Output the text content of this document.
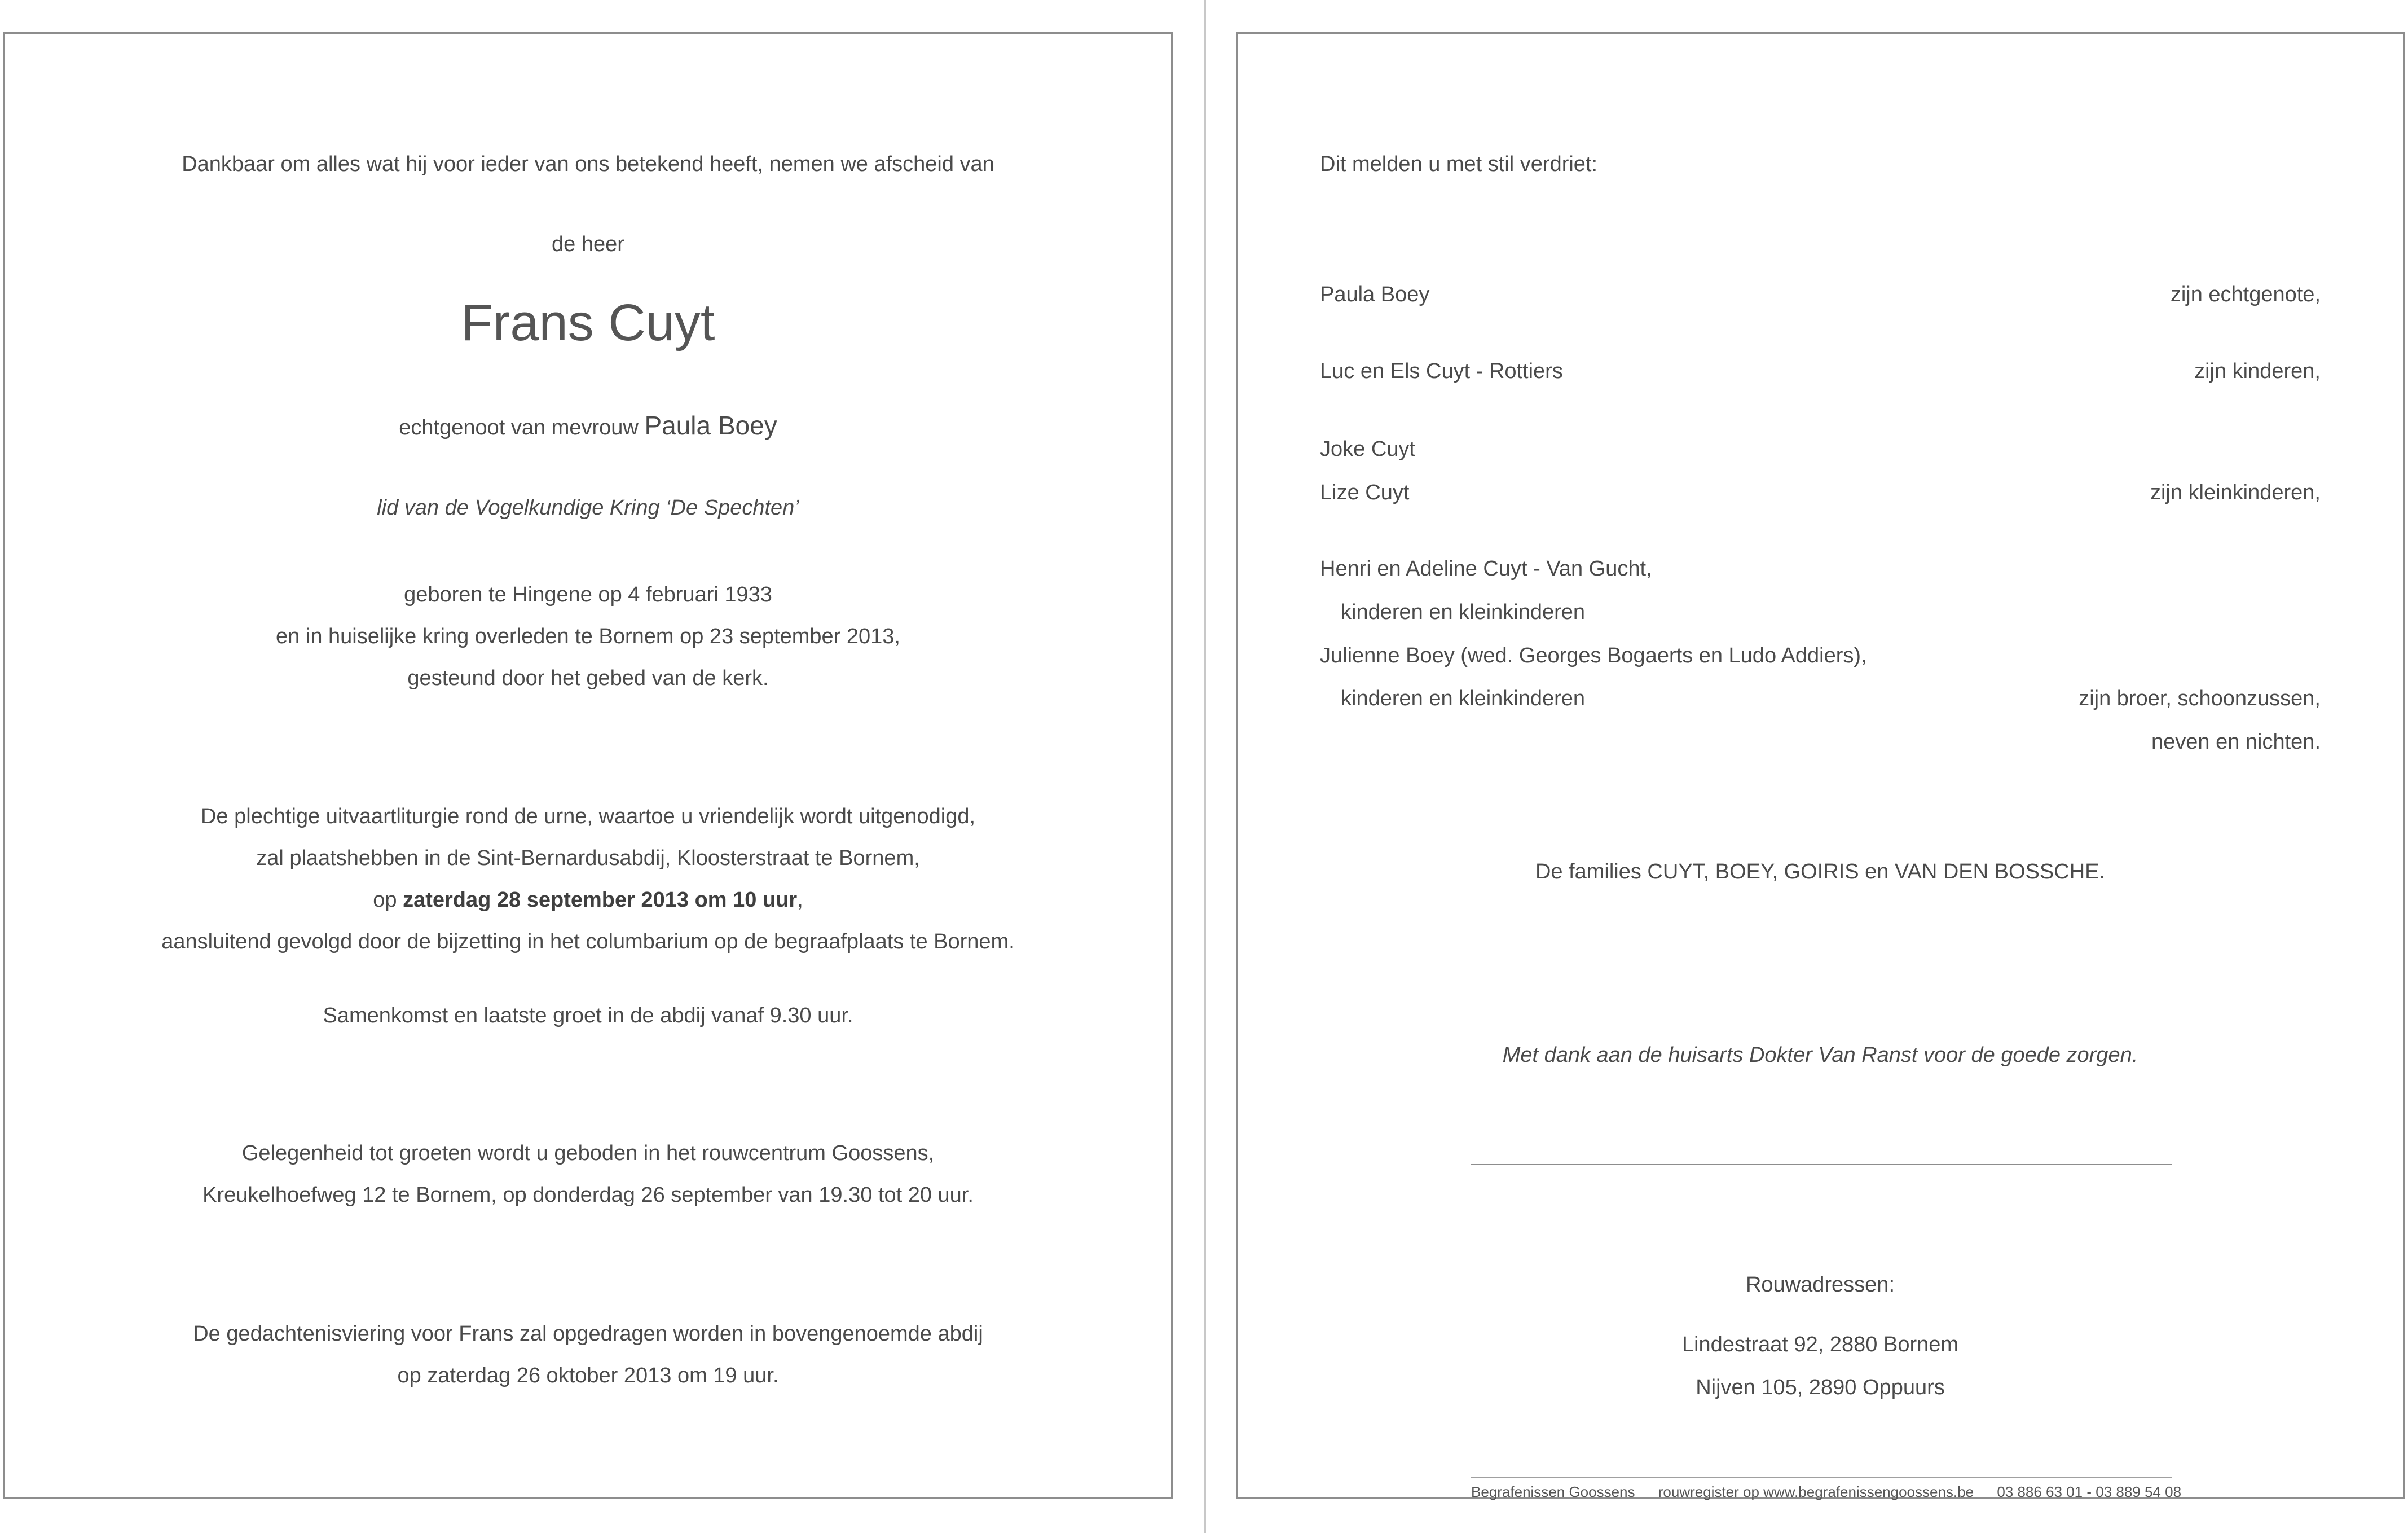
Dankbaar om alles wat hij voor ieder van ons betekend heeft, nemen we afscheid van
de heer
Frans Cuyt
echtgenoot van mevrouw Paula Boey
lid van de Vogelkundige Kring ‘De Spechten’
geboren te Hingene op 4 februari 1933
en in huiselijke kring overleden te Bornem op 23 september 2013,
gesteund door het gebed van de kerk.
De plechtige uitvaartliturgie rond de urne, waartoe u vriendelijk wordt uitgenodigd,
zal plaatshebben in de Sint-Bernardusabdij, Kloosterstraat te Bornem,
op zaterdag 28 september 2013 om 10 uur,
aansluitend gevolgd door de bijzetting in het columbarium op de begraafplaats te Bornem.
Samenkomst en laatste groet in de abdij vanaf 9.30 uur.
Gelegenheid tot groeten wordt u geboden in het rouwcentrum Goossens,
Kreukelhoefweg 12 te Bornem, op donderdag 26 september van 19.30 tot 20 uur.
De gedachtenisviering voor Frans zal opgedragen worden in bovengenoemde abdij
op zaterdag 26 oktober 2013 om 19 uur.
Dit melden u met stil verdriet:
Paula Boey	zijn echtgenote,
Luc en Els Cuyt - Rottiers	zijn kinderen,
Joke Cuyt
Lize Cuyt	zijn kleinkinderen,
Henri en Adeline Cuyt - Van Gucht,
kinderen en kleinkinderen
Julienne Boey (wed. Georges Bogaerts en Ludo Addiers),
kinderen en kleinkinderen	zijn broer, schoonzussen,
neven en nichten.
De families CUYT, BOEY, GOIRIS en VAN DEN BOSSCHE.
Met dank aan de huisarts Dokter Van Ranst voor de goede zorgen.
Rouwadressen:
Lindestraat 92, 2880 Bornem
Nijven 105, 2890 Oppuurs
Begrafenissen Goossens rouwregister op www.begrafenissengoossens.be 03 886 63 01 - 03 889 54 08
